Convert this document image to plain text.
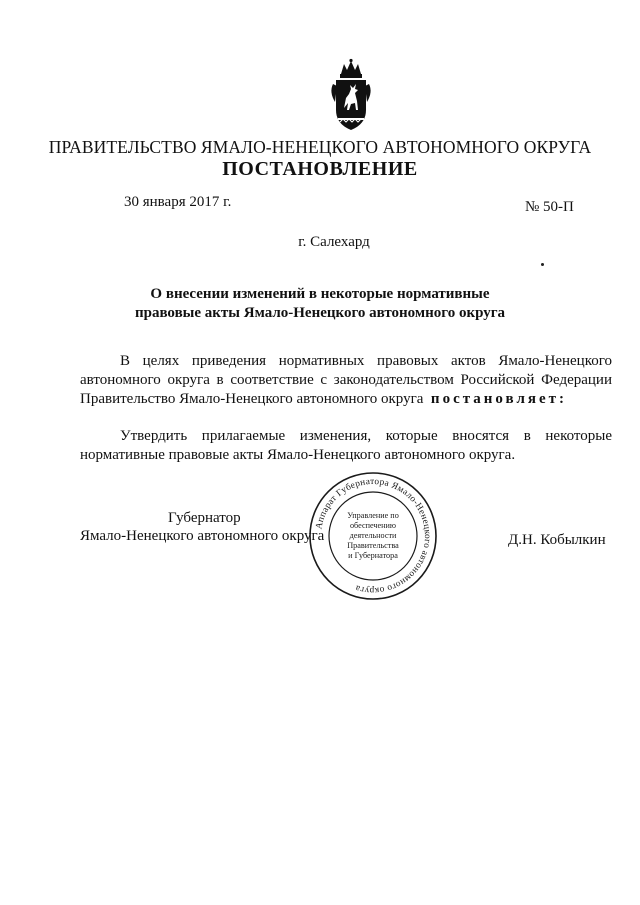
ПРАВИТЕЛЬСТВО ЯМАЛО-НЕНЕЦКОГО АВТОНОМНОГО ОКРУГА
ПОСТАНОВЛЕНИЕ
30 января 2017 г.	№ 50-П
г. Салехард
О внесении изменений в некоторые нормативные
правовые акты Ямало-Ненецкого автономного округа
В целях приведения нормативных правовых актов Ямало-Ненецкого
автономного округа в соответствие с законодательством Российской Федерации
Правительство Ямало-Ненецкого автономного округа постановляет:
Утвердить прилагаемые изменения, которые вносятся в некоторые
нормативные правовые акты Ямало-Ненецкого автономного округа.
Губернатор
Ямало-Ненецкого автономного округа	Д.Н. Кобылкин
Аппарат Губернатора Ямало-Ненецкого автономного округа
Управление по
обеспечению
деятельности
Правительства
и Губернатора
